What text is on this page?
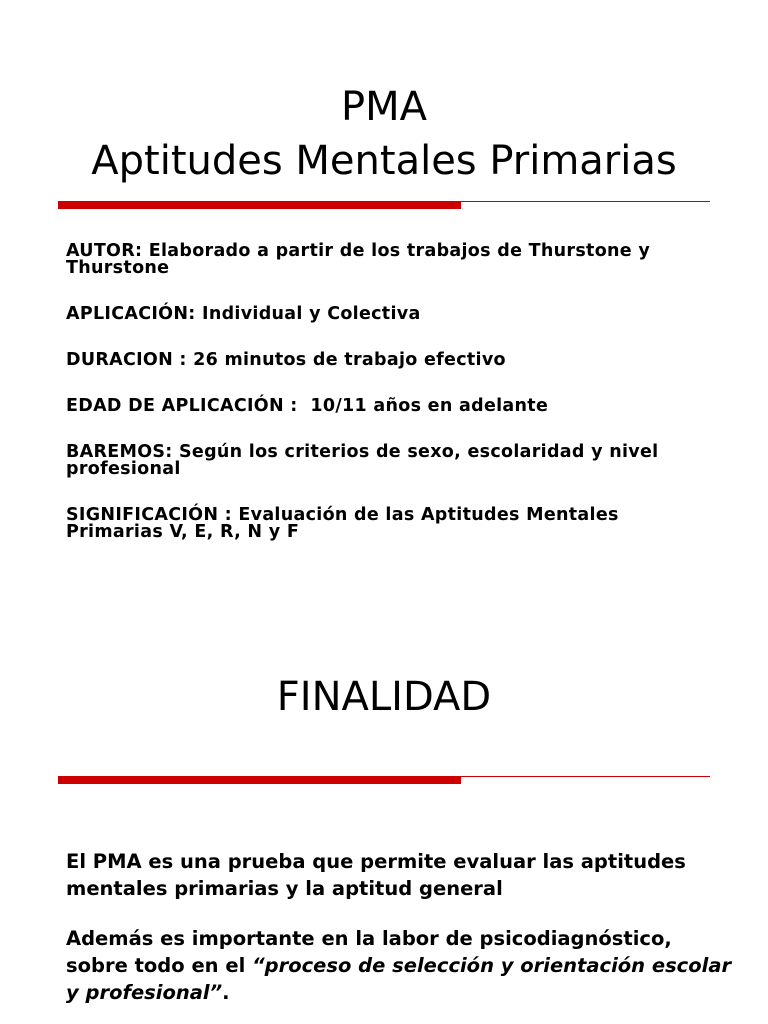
PMA
Aptitudes Mentales Primarias

AUTOR: Elaborado a partir de los trabajos de Thurstone y Thurstone

APLICACIÓN: Individual y Colectiva

DURACION : 26 minutos de trabajo efectivo

EDAD DE APLICACIÓN :  10/11 años en adelante

BAREMOS: Según los criterios de sexo, escolaridad y nivel profesional

SIGNIFICACIÓN : Evaluación de las Aptitudes Mentales Primarias V, E, R, N y F

FINALIDAD

El PMA es una prueba que permite evaluar las aptitudes mentales primarias y la aptitud general

Además es importante en la labor de psicodiagnóstico, sobre todo en el “proceso de selección y orientación escolar y profesional”.
